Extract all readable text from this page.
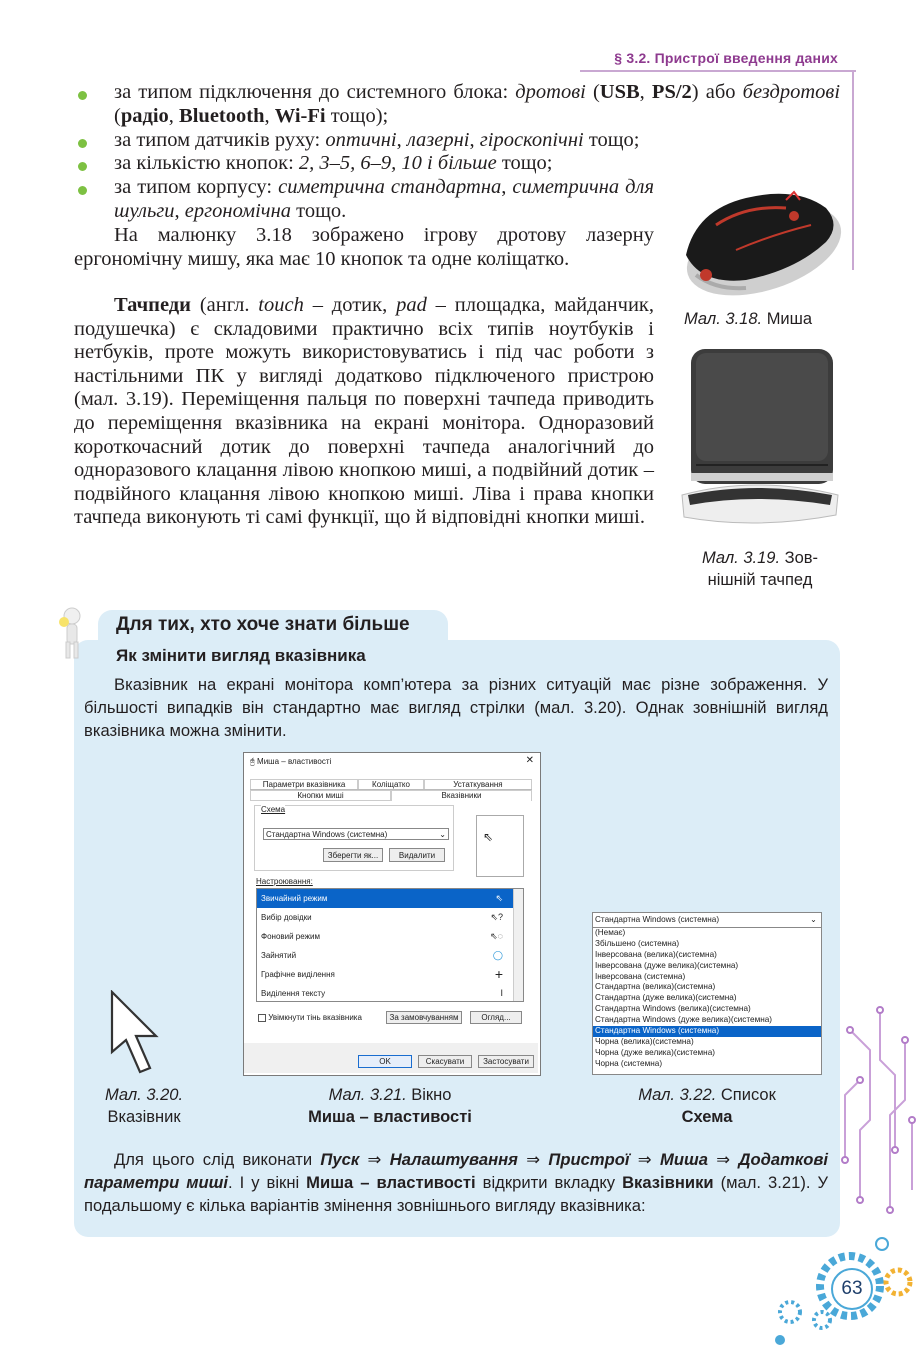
§ 3.2. Пристрої введення даних
за типом підключення до системного блока: дротові (USB, PS/2) або бездротові (радіо, Bluetooth, Wi-Fi тощо);
за типом датчиків руху: оптичні, лазерні, гіроскопічні тощо;
за кількістю кнопок: 2, 3–5, 6–9, 10 і більше тощо;
за типом корпусу: симетрична стандартна, симетрична для шульги, ергономічна тощо.
На малюнку 3.18 зображено ігрову дротову лазерну ергономічну мишу, яка має 10 кнопок та одне коліщатко.
Тачпеди (англ. touch – дотик, pad – площадка, майданчик, подушечка) є складовими практично всіх типів ноутбуків і нетбуків, проте можуть використовуватись і під час роботи з настільними ПК у вигляді додатково підключеного пристрою (мал. 3.19). Переміщення пальця по поверхні тачпеда приводить до переміщення вказівника на екрані монітора. Одноразовий короткочасний дотик до поверхні тачпеда аналогічний до одноразового клацання лівою кнопкою миші, а подвійний дотик – подвійного клацання лівою кнопкою миші. Ліва і права кнопки тачпеда виконують ті самі функції, що й відповідні кнопки миші.
Мал. 3.18. Миша
Мал. 3.19. Зов-
нішній тачпед
Для тих, хто хоче знати більше
Як змінити вигляд вказівника
Вказівник на екрані монітора комп’ютера за різних ситуацій має різне зображення. У більшості випадків він стандартно має вигляд стрілки (мал. 3.20). Однак зовнішній вигляд вказівника можна змінити.
🖰 Миша – властивості	✕
Параметри вказівника	Коліщатко	Устаткування
Кнопки миші	Вказівники
Схема
Стандартна Windows (системна)	⌄
Зберегти як...	Видалити
⇖
Настроювання:
Звичайний режим	⇖
Вибір довідки	⇖?
Фоновий режим	⇖◌
Зайнятий	◯
Графічне виділення	+
Виділення тексту	I
Увімкнути тінь вказівника	За замовчуванням	Огляд...
OK	Скасувати	Застосувати
Стандартна Windows (системна)	⌄
(Немає)
Збільшено (системна)
Інверсована (велика)(системна)
Інверсована (дуже велика)(системна)
Інверсована (системна)
Стандартна (велика)(системна)
Стандартна (дуже велика)(системна)
Стандартна Windows (велика)(системна)
Стандартна Windows (дуже велика)(системна)
Стандартна Windows (системна)
Чорна (велика)(системна)
Чорна (дуже велика)(системна)
Чорна (системна)
Мал. 3.20.
Вказівник
Мал. 3.21. Вікно
Миша – властивості
Мал. 3.22. Список
Схема
Для цього слід виконати Пуск ⇒ Налаштування ⇒ Пристрої ⇒ Миша ⇒ Додаткові параметри миші. І у вікні Миша – властивості відкрити вкладку Вказівники (мал. 3.21). У подальшому є кілька варіантів змінення зовнішнього вигляду вказівника:
63
